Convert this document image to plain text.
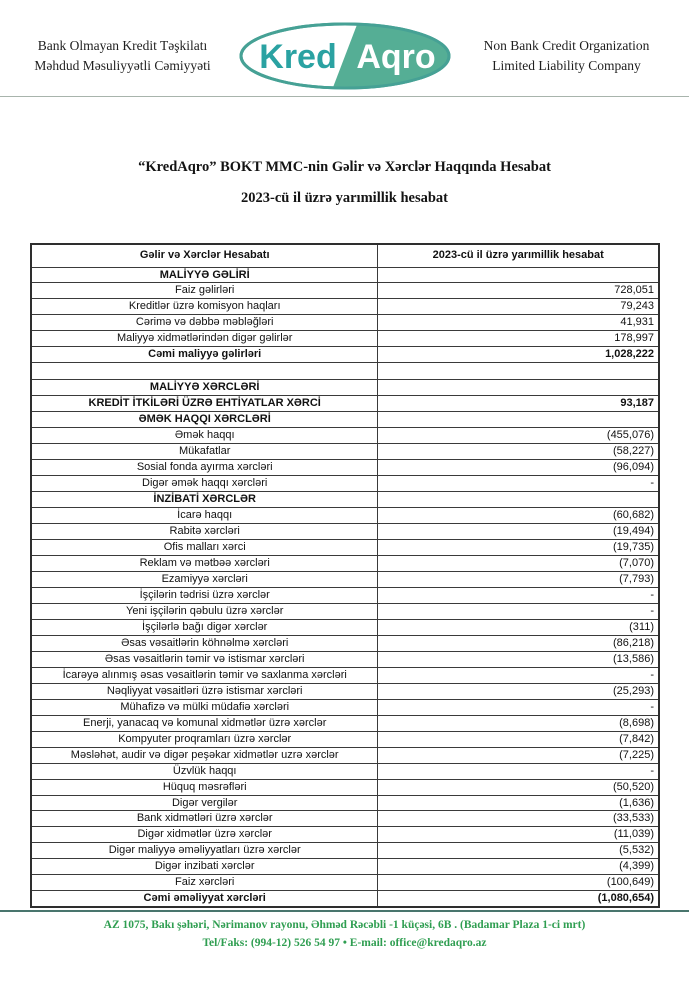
Bank Olmayan Kredit Təşkilatı
Məhdud Məsuliyyətli Cəmiyyəti	Kred Aqro	Non Bank Credit Organization
Limited Liability Company
“KredAqro” BOKT MMC-nin Gəlir və Xərclər Haqqında Hesabat
2023-cü il üzrə yarımillik hesabat
Gəlir və Xərclər Hesabatı	2023-cü il üzrə yarımillik hesabat
MALİYYƏ GƏLİRİ	
Faiz gəlirləri	728,051
Kreditlər üzrə komisyon haqları	79,243
Cərimə və dəbbə məbləğləri	41,931
Maliyyə xidmətlərindən digər gəlirlər	178,997
Cəmi maliyyə gəlirləri	1,028,222

MALİYYƏ XƏRCLƏRİ	
KREDİT İTKİLƏRİ ÜZRƏ EHTİYATLAR XƏRCİ	93,187
ƏMƏK HAQQI XƏRCLƏRİ	
Əmək haqqı	(455,076)
Mükafatlar	(58,227)
Sosial fonda ayırma xərcləri	(96,094)
Digər əmək haqqı xərcləri	-
İNZİBATİ XƏRCLƏR	
İcarə haqqı	(60,682)
Rabitə xərcləri	(19,494)
Ofis malları xərci	(19,735)
Reklam və mətbəə xərcləri	(7,070)
Ezamiyyə xərcləri	(7,793)
İşçilərin tədrisi üzrə xərclər	-
Yeni işçilərin qəbulu üzrə xərclər	-
İşçilərlə bağı digər xərclər	(311)
Əsas vəsaitlərin köhnəlmə xərcləri	(86,218)
Əsas vəsaitlərin təmir və istismar xərcləri	(13,586)
İcarəyə alınmış əsas vəsaitlərin təmir və saxlanma xərcləri	-
Nəqliyyat vəsaitləri üzrə istismar xərcləri	(25,293)
Mühafizə və mülki müdafiə xərcləri	-
Enerji, yanacaq və komunal xidmətlər üzrə xərclər	(8,698)
Kompyuter proqramları üzrə xərclər	(7,842)
Məsləhət, audir və digər peşəkar xidmətlər uzrə xərclər	(7,225)
Üzvlük haqqı	-
Hüquq məsrəfləri	(50,520)
Digər vergilər	(1,636)
Bank xidmətləri üzrə xərclər	(33,533)
Digər xidmətlər üzrə xərclər	(11,039)
Digər maliyyə əməliyyatları üzrə xərclər	(5,532)
Digər inzibati xərclər	(4,399)
Faiz xərcləri	(100,649)
Cəmi əməliyyat xərcləri	(1,080,654)
AZ 1075, Bakı şəhəri, Nərimanov rayonu, Əhməd Rəcəbli -1 küçəsi, 6B . (Badamar Plaza 1-ci mrt)
Tel/Faks: (994-12) 526 54 97 • E-mail: office@kredaqro.az
